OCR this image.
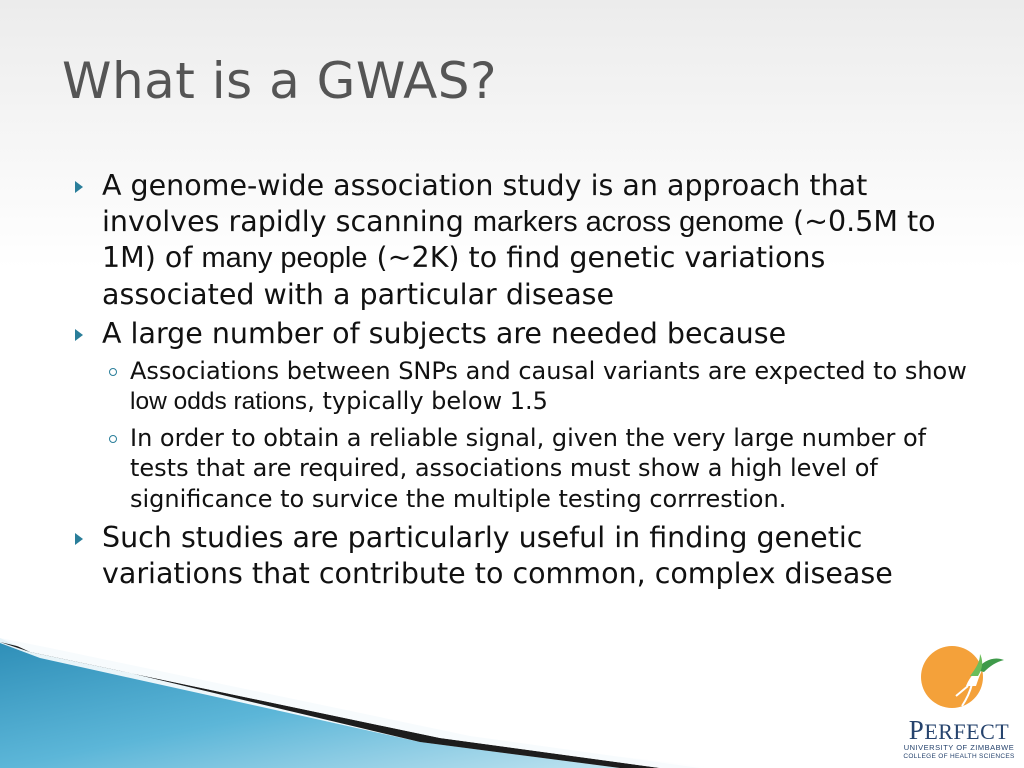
What is a GWAS?
A genome-wide association study is an approach that involves rapidly scanning markers across genome (~0.5M to 1M) of many people (~2K) to find genetic variations associated with a particular disease
A large number of subjects are needed because
Associations between SNPs and causal variants are expected to show low odds rations, typically below 1.5
In order to obtain a reliable signal, given the very large number of tests that are required, associations must show a high level of significance to survice the multiple testing corrrestion.
Such studies are particularly useful in finding genetic variations that contribute to common, complex disease
PERFECT
UNIVERSITY OF ZIMBABWE
COLLEGE OF HEALTH SCIENCES
